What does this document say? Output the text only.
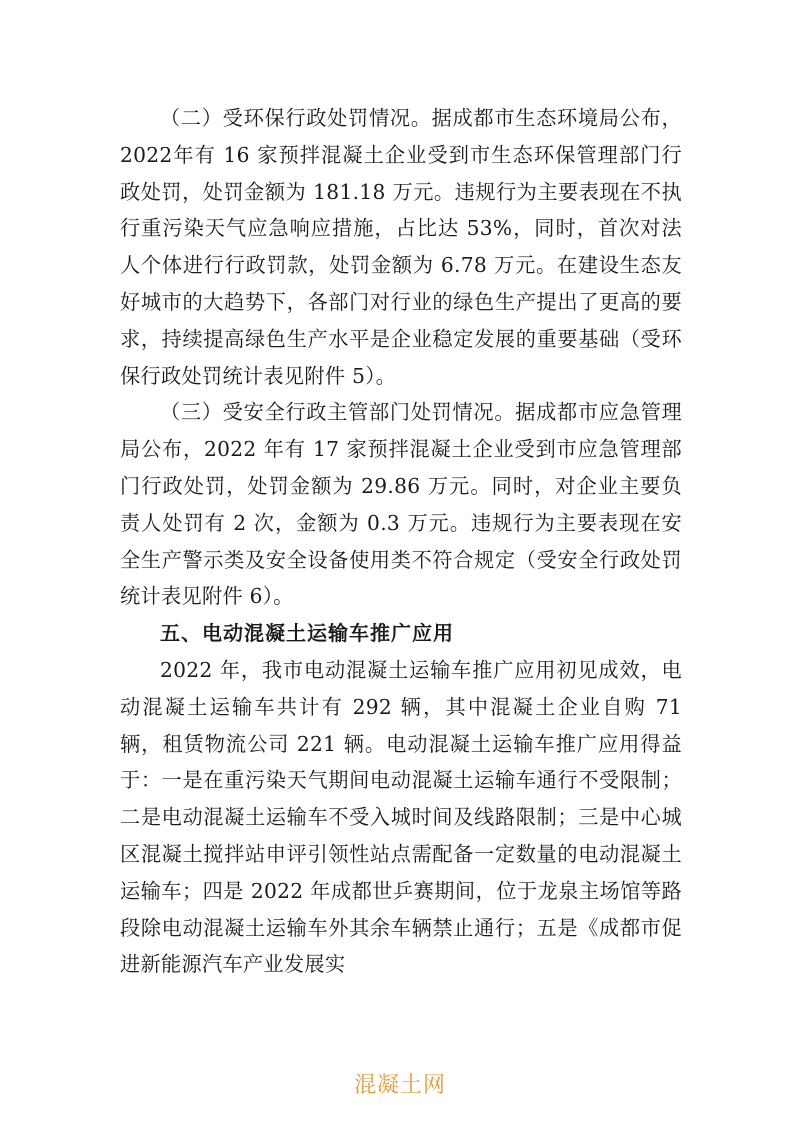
（二）受环保行政处罚情况。据成都市生态环境局公布，2022年有 16 家预拌混凝土企业受到市生态环保管理部门行政处罚，处罚金额为 181.18 万元。违规行为主要表现在不执行重污染天气应急响应措施，占比达 53%，同时，首次对法人个体进行行政罚款，处罚金额为 6.78 万元。在建设生态友好城市的大趋势下，各部门对行业的绿色生产提出了更高的要求，持续提高绿色生产水平是企业稳定发展的重要基础（受环保行政处罚统计表见附件 5）。

（三）受安全行政主管部门处罚情况。据成都市应急管理局公布，2022 年有 17 家预拌混凝土企业受到市应急管理部门行政处罚，处罚金额为 29.86 万元。同时，对企业主要负责人处罚有 2 次，金额为 0.3 万元。违规行为主要表现在安全生产警示类及安全设备使用类不符合规定（受安全行政处罚统计表见附件 6）。

五、电动混凝土运输车推广应用

2022 年，我市电动混凝土运输车推广应用初见成效，电动混凝土运输车共计有 292 辆，其中混凝土企业自购 71 辆，租赁物流公司 221 辆。电动混凝土运输车推广应用得益于：一是在重污染天气期间电动混凝土运输车通行不受限制；二是电动混凝土运输车不受入城时间及线路限制；三是中心城区混凝土搅拌站申评引领性站点需配备一定数量的电动混凝土运输车；四是 2022 年成都世乒赛期间，位于龙泉主场馆等路段除电动混凝土运输车外其余车辆禁止通行；五是《成都市促进新能源汽车产业发展实

混凝土网
